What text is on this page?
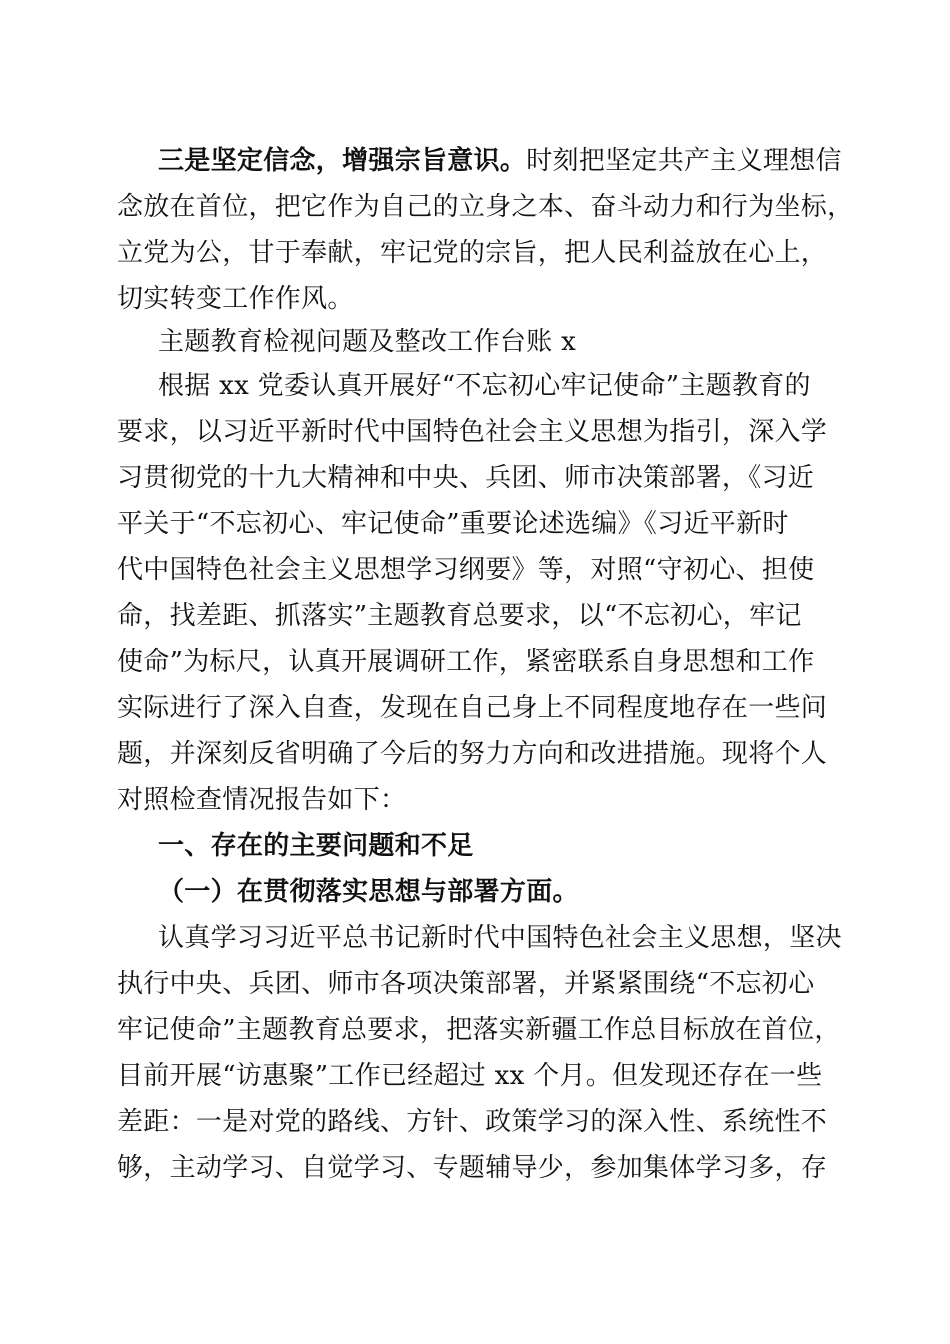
三是坚定信念，增强宗旨意识。时刻把坚定共产主义理想信
念放在首位，把它作为自己的立身之本、奋斗动力和行为坐标，
立党为公，甘于奉献，牢记党的宗旨，把人民利益放在心上，
切实转变工作作风。
主题教育检视问题及整改工作台账 x
根据 xx 党委认真开展好“不忘初心牢记使命”主题教育的
要求，以习近平新时代中国特色社会主义思想为指引，深入学
习贯彻党的十九大精神和中央、兵团、师市决策部署，《习近
平关于“不忘初心、牢记使命”重要论述选编》《习近平新时
代中国特色社会主义思想学习纲要》等，对照“守初心、担使
命，找差距、抓落实”主题教育总要求，以“不忘初心，牢记
使命”为标尺，认真开展调研工作，紧密联系自身思想和工作
实际进行了深入自查，发现在自己身上不同程度地存在一些问
题，并深刻反省明确了今后的努力方向和改进措施。现将个人
对照检查情况报告如下：
一、存在的主要问题和不足
（一）在贯彻落实思想与部署方面。
认真学习习近平总书记新时代中国特色社会主义思想，坚决
执行中央、兵团、师市各项决策部署，并紧紧围绕“不忘初心
牢记使命”主题教育总要求，把落实新疆工作总目标放在首位，
目前开展“访惠聚”工作已经超过 xx 个月。但发现还存在一些
差距：一是对党的路线、方针、政策学习的深入性、系统性不
够，主动学习、自觉学习、专题辅导少，参加集体学习多，存
